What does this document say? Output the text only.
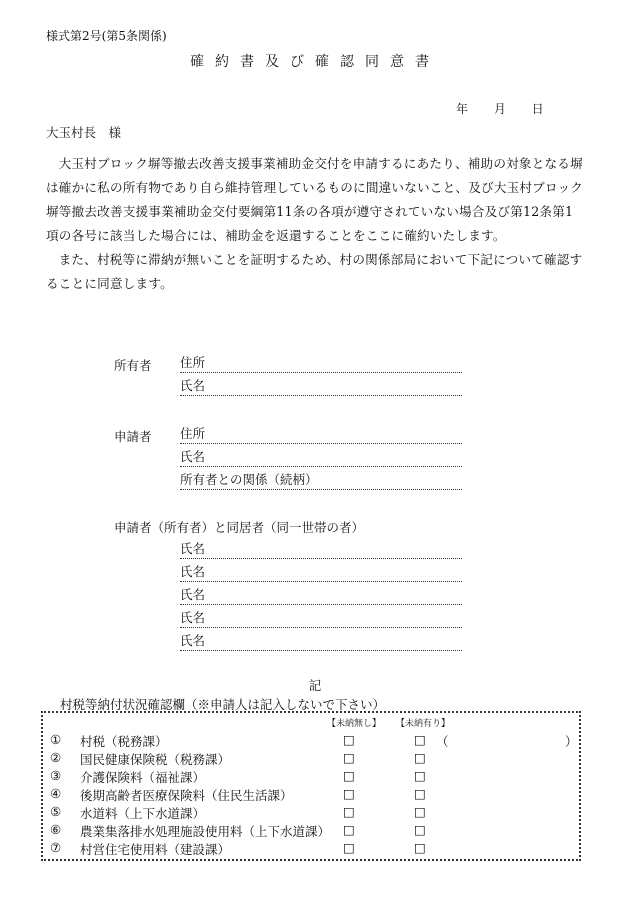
様式第2号(第5条関係)
確約書及び確認同意書
年 月 日
大玉村長　様

大玉村ブロック塀等撤去改善支援事業補助金交付を申請するにあたり、補助の対象となる塀は確かに私の所有物であり自ら維持管理しているものに間違いないこと、及び大玉村ブロック塀等撤去改善支援事業補助金交付要綱第11条の各項が遵守されていない場合及び第12条第1項の各号に該当した場合には、補助金を返還することをここに確約いたします。

また、村税等に滞納が無いことを証明するため、村の関係部局において下記について確認することに同意します。

所有者 住所
氏名
申請者 住所
氏名
所有者との関係（続柄）
申請者（所有者）と同居者（同一世帯の者）
氏名
氏名
氏名
氏名
氏名
記
村税等納付状況確認欄（※申請人は記入しないで下さい）
【未納無し】 【未納有り】
① 村税（税務課）	□	□ （	）
② 国民健康保険税（税務課）	□	□
③ 介護保険料（福祉課）	□	□
④ 後期高齢者医療保険料（住民生活課）	□	□
⑤ 水道料（上下水道課）	□	□
⑥ 農業集落排水処理施設使用料（上下水道課） □	□
⑦ 村営住宅使用料（建設課）	□	□
